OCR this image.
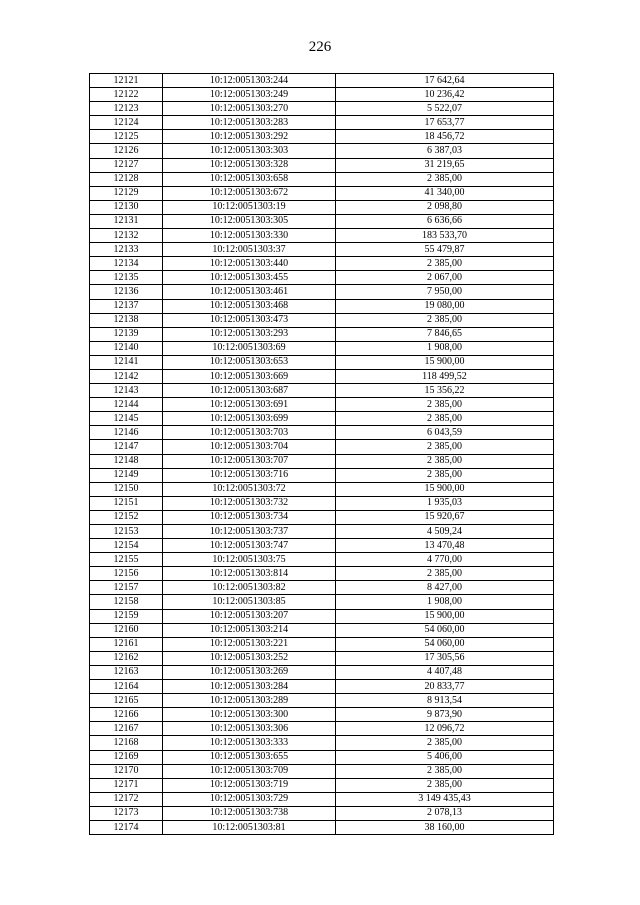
226
12121	10:12:0051303:244	17 642,64
12122	10:12:0051303:249	10 236,42
12123	10:12:0051303:270	5 522,07
12124	10:12:0051303:283	17 653,77
12125	10:12:0051303:292	18 456,72
12126	10:12:0051303:303	6 387,03
12127	10:12:0051303:328	31 219,65
12128	10:12:0051303:658	2 385,00
12129	10:12:0051303:672	41 340,00
12130	10:12:0051303:19	2 098,80
12131	10:12:0051303:305	6 636,66
12132	10:12:0051303:330	183 533,70
12133	10:12:0051303:37	55 479,87
12134	10:12:0051303:440	2 385,00
12135	10:12:0051303:455	2 067,00
12136	10:12:0051303:461	7 950,00
12137	10:12:0051303:468	19 080,00
12138	10:12:0051303:473	2 385,00
12139	10:12:0051303:293	7 846,65
12140	10:12:0051303:69	1 908,00
12141	10:12:0051303:653	15 900,00
12142	10:12:0051303:669	118 499,52
12143	10:12:0051303:687	15 356,22
12144	10:12:0051303:691	2 385,00
12145	10:12:0051303:699	2 385,00
12146	10:12:0051303:703	6 043,59
12147	10:12:0051303:704	2 385,00
12148	10:12:0051303:707	2 385,00
12149	10:12:0051303:716	2 385,00
12150	10:12:0051303:72	15 900,00
12151	10:12:0051303:732	1 935,03
12152	10:12:0051303:734	15 920,67
12153	10:12:0051303:737	4 509,24
12154	10:12:0051303:747	13 470,48
12155	10:12:0051303:75	4 770,00
12156	10:12:0051303:814	2 385,00
12157	10:12:0051303:82	8 427,00
12158	10:12:0051303:85	1 908,00
12159	10:12:0051303:207	15 900,00
12160	10:12:0051303:214	54 060,00
12161	10:12:0051303:221	54 060,00
12162	10:12:0051303:252	17 305,56
12163	10:12:0051303:269	4 407,48
12164	10:12:0051303:284	20 833,77
12165	10:12:0051303:289	8 913,54
12166	10:12:0051303:300	9 873,90
12167	10:12:0051303:306	12 096,72
12168	10:12:0051303:333	2 385,00
12169	10:12:0051303:655	5 406,00
12170	10:12:0051303:709	2 385,00
12171	10:12:0051303:719	2 385,00
12172	10:12:0051303:729	3 149 435,43
12173	10:12:0051303:738	2 078,13
12174	10:12:0051303:81	38 160,00
